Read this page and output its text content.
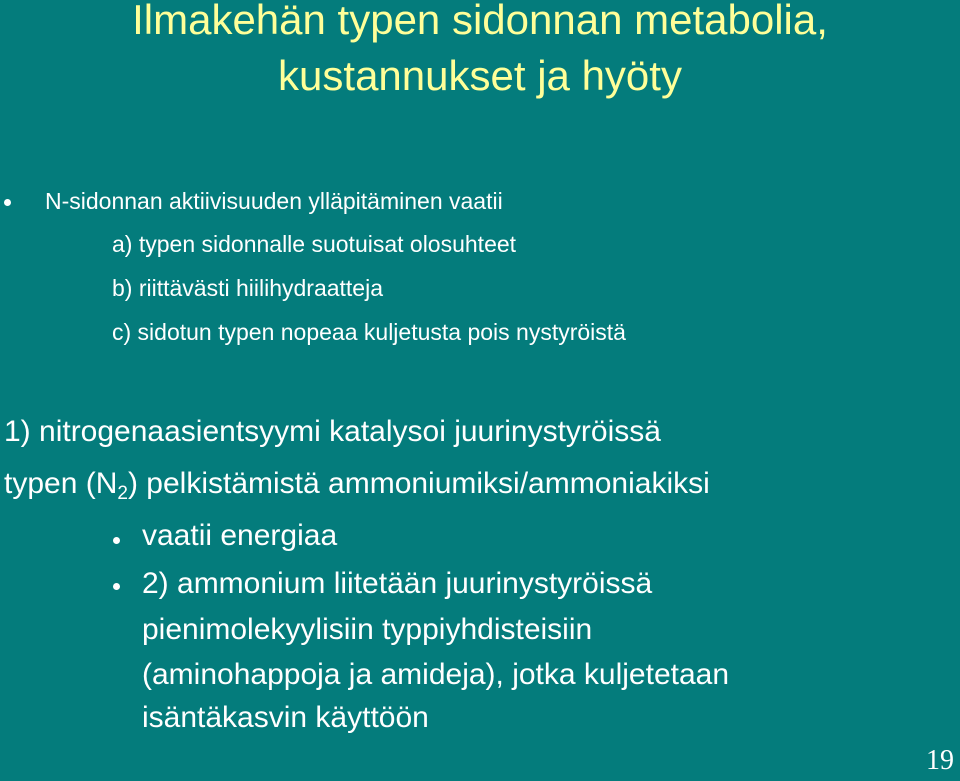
Ilmakehän typen sidonnan metabolia,
kustannukset ja hyöty
N-sidonnan aktiivisuuden ylläpitäminen vaatii
a) typen sidonnalle suotuisat olosuhteet
b) riittävästi hiilihydraatteja
c) sidotun typen nopeaa kuljetusta pois nystyröistä
1) nitrogenaasientsyymi katalysoi juurinystyröissä
typen $(N_2)$ pelkistämistä ammoniumiksi/ammoniakiksi
vaatii energiaa
2) ammonium liitetään juurinystyröissä
pienimolekyylisiin typpiyhdisteisiin
(aminohappoja ja amideja), jotka kuljetetaan
isäntäkasvin käyttöön
19
